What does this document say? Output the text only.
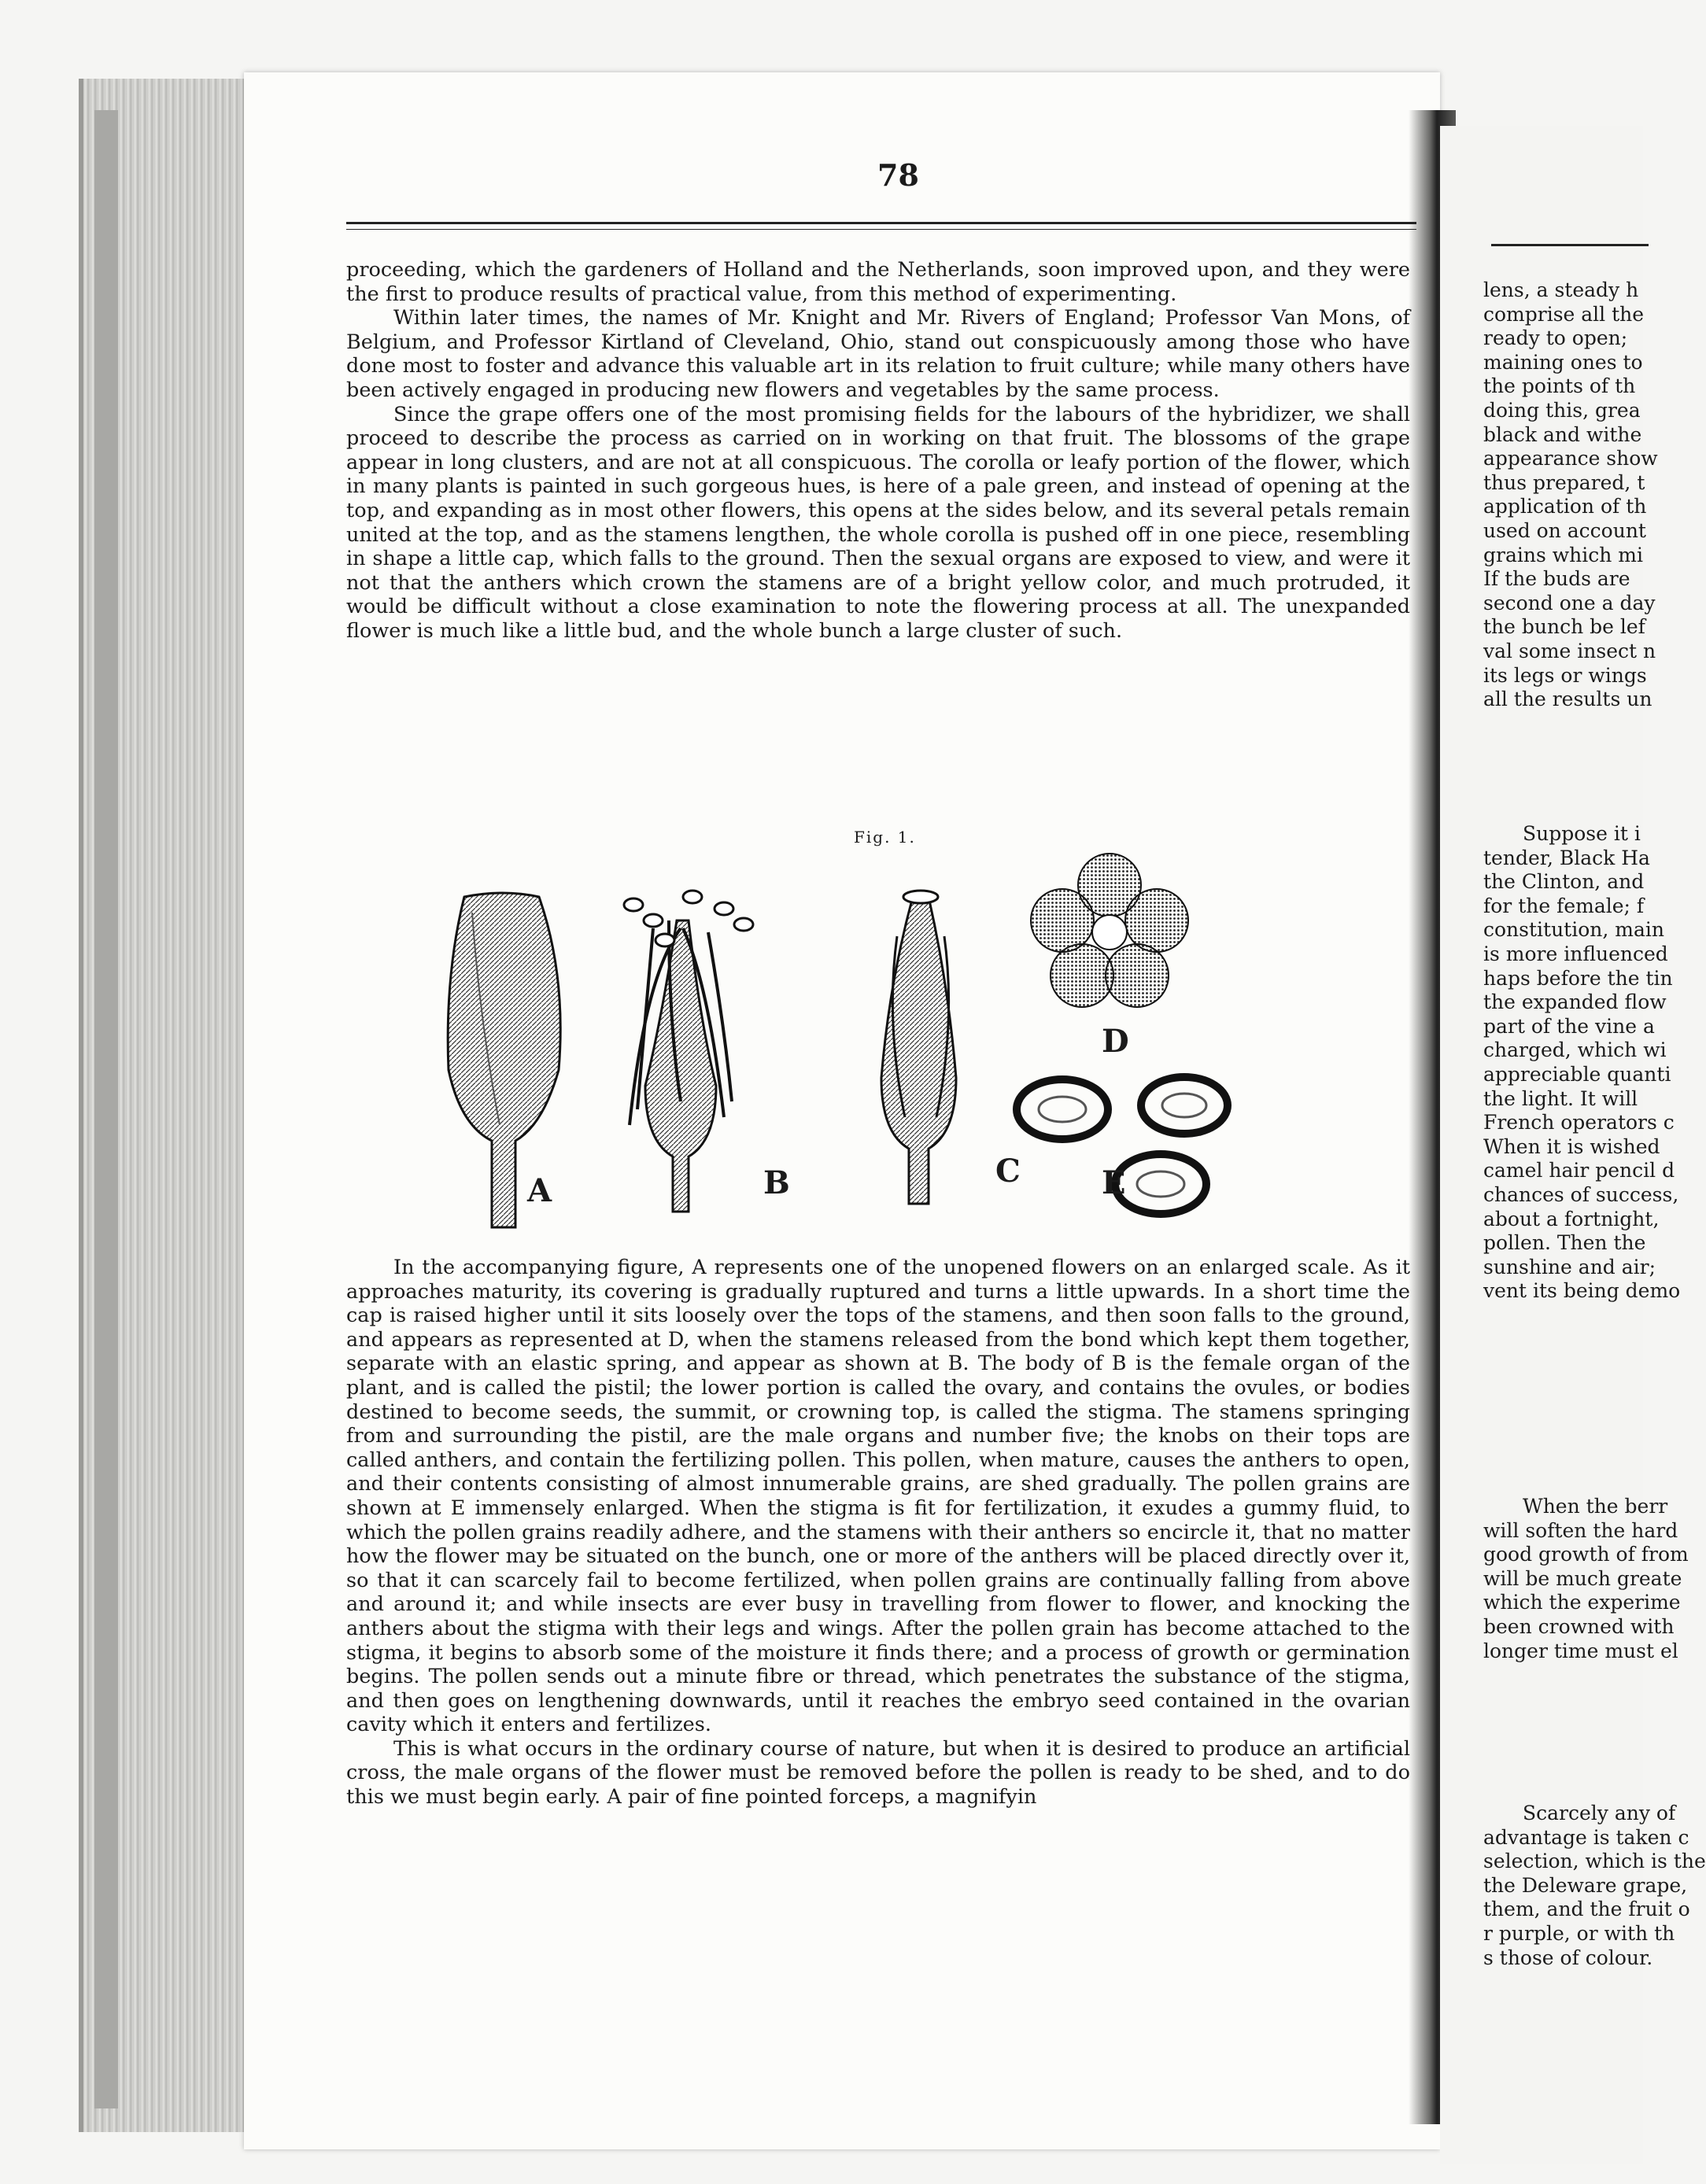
78

proceeding, which the gardeners of Holland and the Netherlands, soon improved upon, and they were the first to produce results of practical value, from this method of experimenting.

Within later times, the names of Mr. Knight and Mr. Rivers of England; Professor Van Mons, of Belgium, and Professor Kirtland of Cleveland, Ohio, stand out conspicuously among those who have done most to foster and advance this valuable art in its relation to fruit culture; while many others have been actively engaged in producing new flowers and vegetables by the same process.

Since the grape offers one of the most promising fields for the labours of the hybridizer, we shall proceed to describe the process as carried on in working on that fruit. The blossoms of the grape appear in long clusters, and are not at all conspicuous. The corolla or leafy portion of the flower, which in many plants is painted in such gorgeous hues, is here of a pale green, and instead of opening at the top, and expanding as in most other flowers, this opens at the sides below, and its several petals remain united at the top, and as the stamens lengthen, the whole corolla is pushed off in one piece, resembling in shape a little cap, which falls to the ground. Then the sexual organs are exposed to view, and were it not that the anthers which crown the stamens are of a bright yellow color, and much protruded, it would be difficult without a close examination to note the flowering process at all. The unexpanded flower is much like a little bud, and the whole bunch a large cluster of such.

Fig. 1.
A	B	C
D
E

In the accompanying figure, A represents one of the unopened flowers on an enlarged scale. As it approaches maturity, its covering is gradually ruptured and turns a little upwards. In a short time the cap is raised higher until it sits loosely over the tops of the stamens, and then soon falls to the ground, and appears as represented at D, when the stamens released from the bond which kept them together, separate with an elastic spring, and appear as shown at B. The body of B is the female organ of the plant, and is called the pistil; the lower portion is called the ovary, and contains the ovules, or bodies destined to become seeds, the summit, or crowning top, is called the stigma. The stamens springing from and surrounding the pistil, are the male organs and number five; the knobs on their tops are called anthers, and contain the fertilizing pollen. This pollen, when mature, causes the anthers to open, and their contents consisting of almost innumerable grains, are shed gradually. The pollen grains are shown at E immensely enlarged. When the stigma is fit for fertilization, it exudes a gummy fluid, to which the pollen grains readily adhere, and the stamens with their anthers so encircle it, that no matter how the flower may be situated on the bunch, one or more of the anthers will be placed directly over it, so that it can scarcely fail to become fertilized, when pollen grains are continually falling from above and around it; and while insects are ever busy in travelling from flower to flower, and knocking the anthers about the stigma with their legs and wings. After the pollen grain has become attached to the stigma, it begins to absorb some of the moisture it finds there; and a process of growth or germination begins. The pollen sends out a minute fibre or thread, which penetrates the substance of the stigma, and then goes on lengthening downwards, until it reaches the embryo seed contained in the ovarian cavity which it enters and fertilizes.

This is what occurs in the ordinary course of nature, but when it is desired to produce an artificial cross, the male organs of the flower must be removed before the pollen is ready to be shed, and to do this we must begin early. A pair of fine pointed forceps, a magnifyin

lens, a steady h
comprise all the
ready to open;
maining ones to
the points of th
doing this, grea
black and withe
appearance show
thus prepared, t
application of th
used on account
grains which mi
If the buds are
second one a day
the bunch be lef
val some insect n
its legs or wings
all the results un
Suppose it i
tender, Black Ha
the Clinton, and
for the female; f
constitution, main
is more influenced
haps before the tin
the expanded flow
part of the vine a
charged, which wi
appreciable quanti
the light. It will
French operators c
When it is wished
camel hair pencil d
chances of success,
about a fortnight,
pollen. Then the
sunshine and air;
vent its being demo
When the berr
will soften the hard
good growth of from
will be much greate
which the experime
been crowned with
longer time must el
Scarcely any of
advantage is taken c
selection, which is the
the Deleware grape,
them, and the fruit o
r purple, or with th
s those of colour.
